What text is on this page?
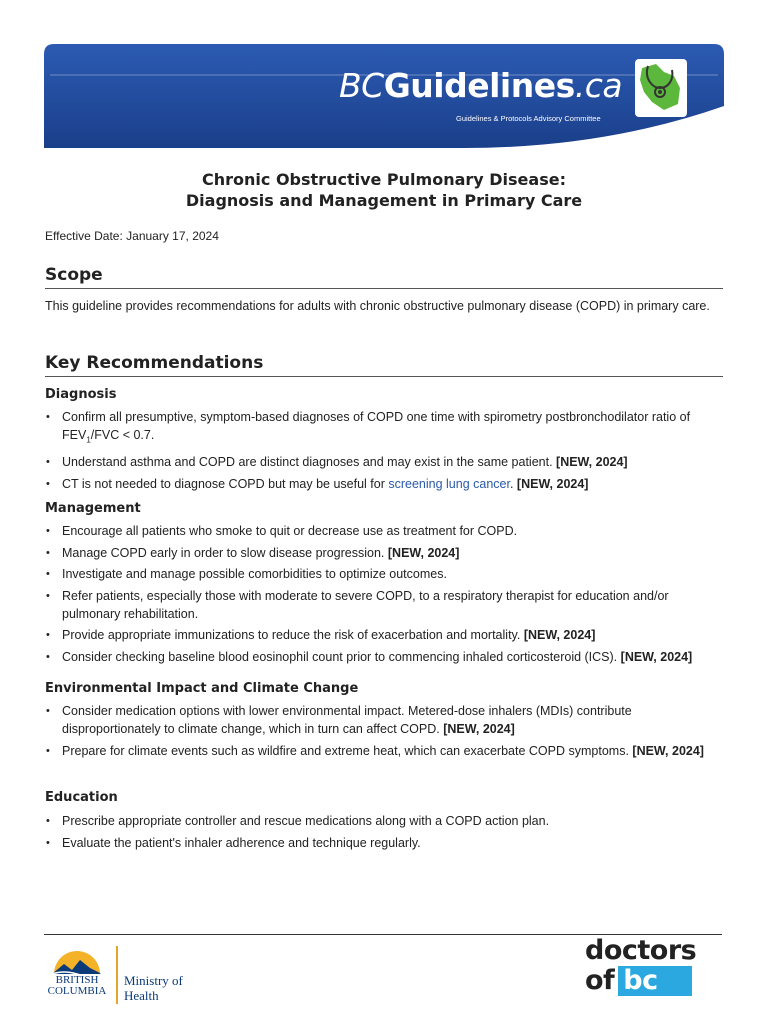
BCGuidelines.ca
Guidelines & Protocols Advisory Committee
Chronic Obstructive Pulmonary Disease:
Diagnosis and Management in Primary Care
Effective Date: January 17, 2024
Scope
This guideline provides recommendations for adults with chronic obstructive pulmonary disease (COPD) in primary care.
Key Recommendations
Diagnosis
• Confirm all presumptive, symptom-based diagnoses of COPD one time with spirometry postbronchodilator ratio of $FEV_1$/FVC < 0.7.
• Understand asthma and COPD are distinct diagnoses and may exist in the same patient. [NEW, 2024]
• CT is not needed to diagnose COPD but may be useful for screening lung cancer. [NEW, 2024]
Management
• Encourage all patients who smoke to quit or decrease use as treatment for COPD.
• Manage COPD early in order to slow disease progression. [NEW, 2024]
• Investigate and manage possible comorbidities to optimize outcomes.
• Refer patients, especially those with moderate to severe COPD, to a respiratory therapist for education and/or pulmonary rehabilitation.
• Provide appropriate immunizations to reduce the risk of exacerbation and mortality. [NEW, 2024]
• Consider checking baseline blood eosinophil count prior to commencing inhaled corticosteroid (ICS). [NEW, 2024]
Environmental Impact and Climate Change
• Consider medication options with lower environmental impact. Metered-dose inhalers (MDIs) contribute disproportionately to climate change, which in turn can affect COPD. [NEW, 2024]
• Prepare for climate events such as wildfire and extreme heat, which can exacerbate COPD symptoms. [NEW, 2024]
Education
• Prescribe appropriate controller and rescue medications along with a COPD action plan.
• Evaluate the patient's inhaler adherence and technique regularly.
BRITISH
COLUMBIA
Ministry of
Health
doctors
of bc
